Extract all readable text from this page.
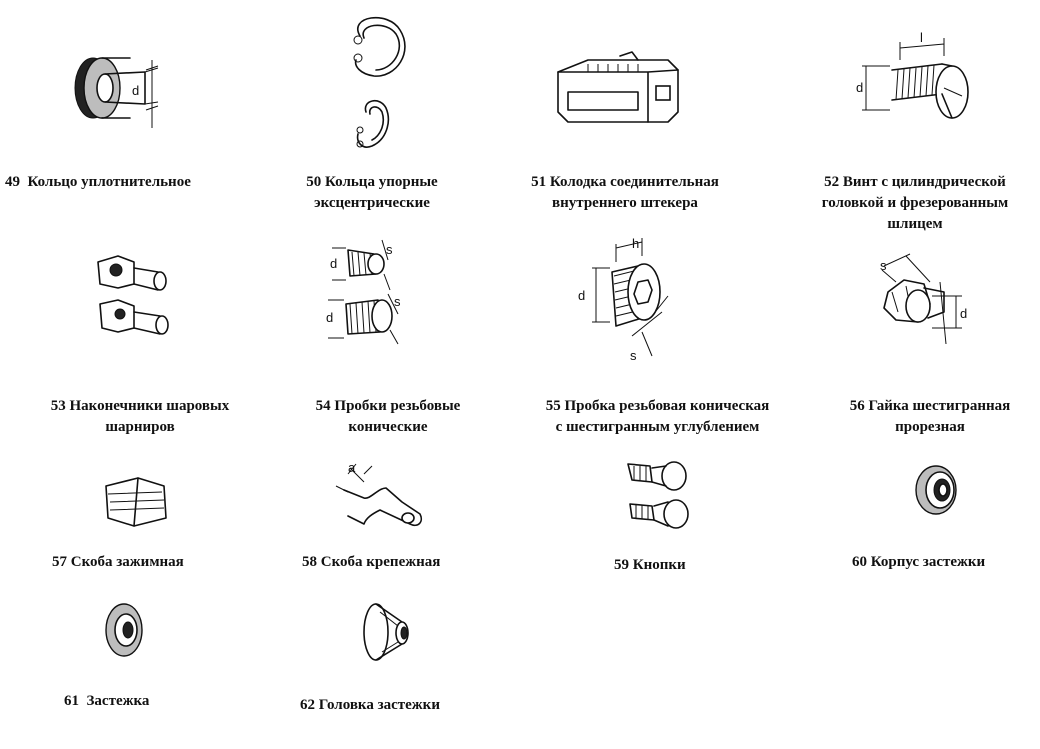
d
49 Кольцо уплотнительное	50 Кольца упорные
эксцентрические
51 Колодка соединительная
внутреннего штекера
d
l
52 Винт с цилиндрической
головкой и фрезерованным
шлицем
53 Наконечники шаровых
шарниров
d
s
d
s
54 Пробки резьбовые
конические
d
h
s
55 Пробка резьбовая коническая
с шестигранным углублением
s
d
56 Гайка шестигранная
прорезная
57 Скоба зажимная
a
58 Скоба крепежная	59 Кнопки	60 Корпус застежки
61 Застежка	62 Головка застежки
